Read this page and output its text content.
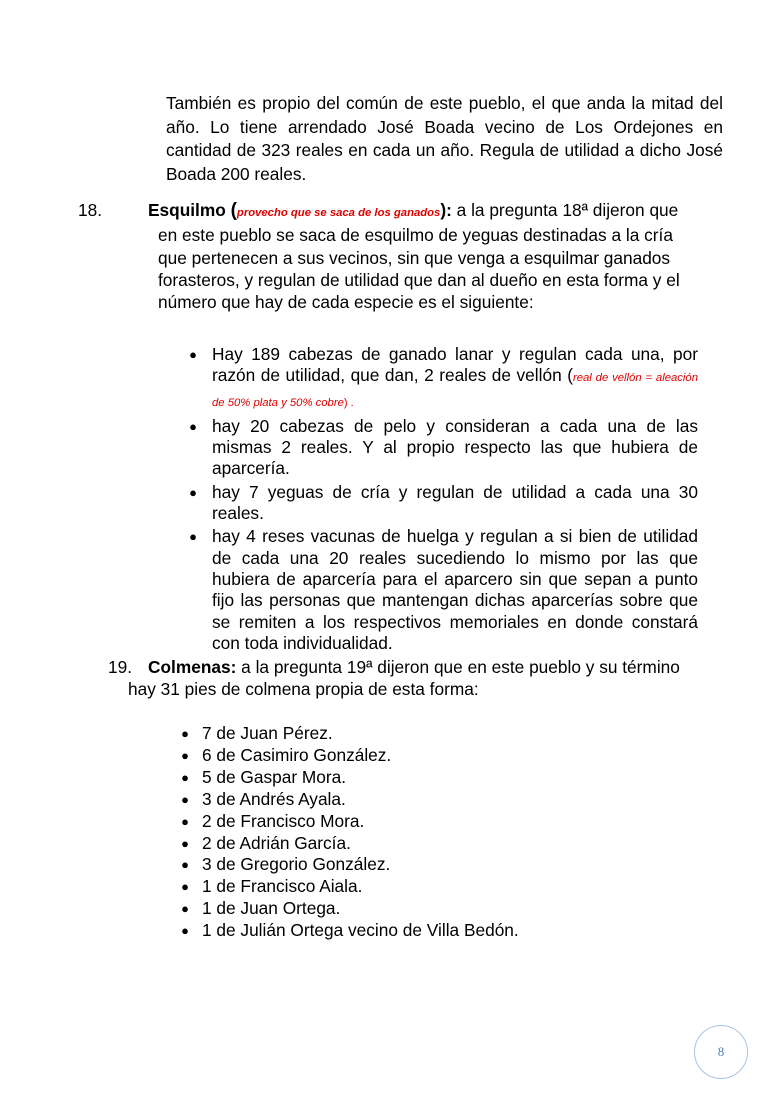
También es propio del común de este pueblo, el que anda la mitad del año. Lo tiene arrendado José Boada vecino de Los Ordejones en cantidad de 323 reales en cada un año. Regula de utilidad a dicho José Boada 200 reales.

18.	Esquilmo (provecho que se saca de los ganados): a la pregunta 18ª dijeron que en este pueblo se saca de esquilmo de yeguas destinadas a la cría que pertenecen a sus vecinos, sin que venga a esquilmar ganados forasteros, y regulan de utilidad que dan al dueño en esta forma y el número que hay de cada especie es el siguiente:
● Hay 189 cabezas de ganado lanar y regulan cada una, por razón de utilidad, que dan, 2 reales de vellón (real de vellón = aleación de 50% plata y 50% cobre) .
● hay 20 cabezas de pelo y consideran a cada una de las mismas 2 reales. Y al propio respecto las que hubiera de aparcería.
● hay 7 yeguas de cría y regulan de utilidad a cada una 30 reales.
● hay 4 reses vacunas de huelga y regulan a si bien de utilidad de cada una 20 reales sucediendo lo mismo por las que hubiera de aparcería para el aparcero sin que sepan a punto fijo las personas que mantengan dichas aparcerías sobre que se remiten a los respectivos memoriales en donde constará con toda individualidad.
19. Colmenas: a la pregunta 19ª dijeron que en este pueblo y su término hay 31 pies de colmena propia de esta forma:
● 7 de Juan Pérez.
● 6 de Casimiro González.
● 5 de Gaspar Mora.
● 3 de Andrés Ayala.
● 2 de Francisco Mora.
● 2 de Adrián García.
● 3 de Gregorio González.
● 1 de Francisco Aiala.
● 1 de Juan Ortega.
● 1 de Julián Ortega vecino de Villa Bedón.
8
